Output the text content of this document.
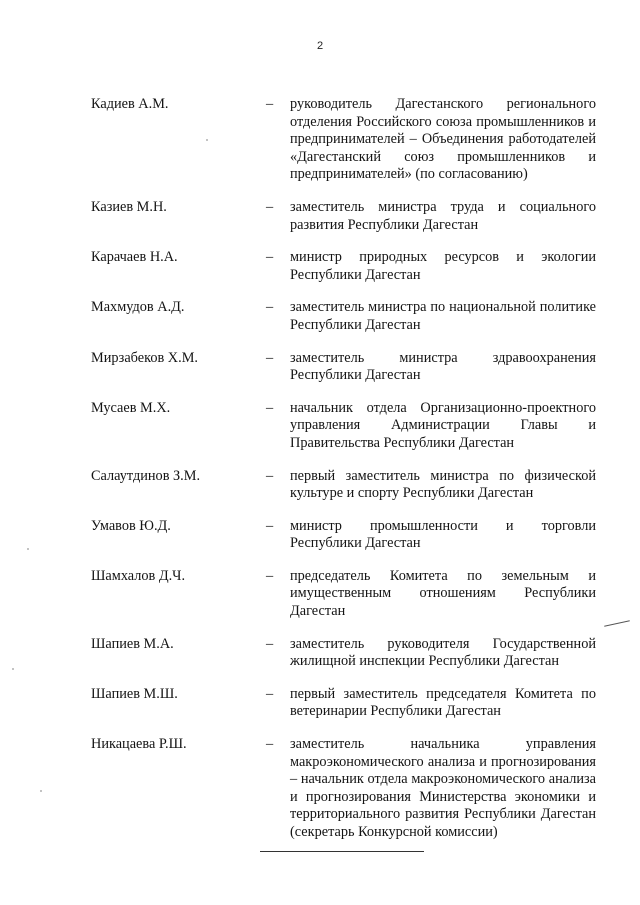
2
Кадиев А.М.	– руководитель Дагестанского регионального отделения Российского союза промышленников и предпринимателей – Объединения работодателей «Дагестанский союз промышленников и предпринимателей» (по согласованию)
Казиев М.Н.	– заместитель министра труда и социального развития Республики Дагестан
Карачаев Н.А.	– министр природных ресурсов и экологии Республики Дагестан
Махмудов А.Д.	– заместитель министра по национальной политике Республики Дагестан
Мирзабеков Х.М.	– заместитель министра здравоохранения Республики Дагестан
Мусаев М.Х.	– начальник отдела Организационно-проектного управления Администрации Главы и Правительства Республики Дагестан
Салаутдинов З.М.	– первый заместитель министра по физической культуре и спорту Республики Дагестан
Умавов Ю.Д.	– министр промышленности и торговли Республики Дагестан
Шамхалов Д.Ч.	– председатель Комитета по земельным и имущественным отношениям Республики Дагестан
Шапиев М.А.	– заместитель руководителя Государственной жилищной инспекции Республики Дагестан
Шапиев М.Ш.	– первый заместитель председателя Комитета по ветеринарии Республики Дагестан
Никацаева Р.Ш.	– заместитель начальника управления макроэкономического анализа и прогнозирования – начальник отдела макроэкономического анализа и прогнозирования Министерства экономики и территориального развития Республики Дагестан (секретарь Конкурсной комиссии)
